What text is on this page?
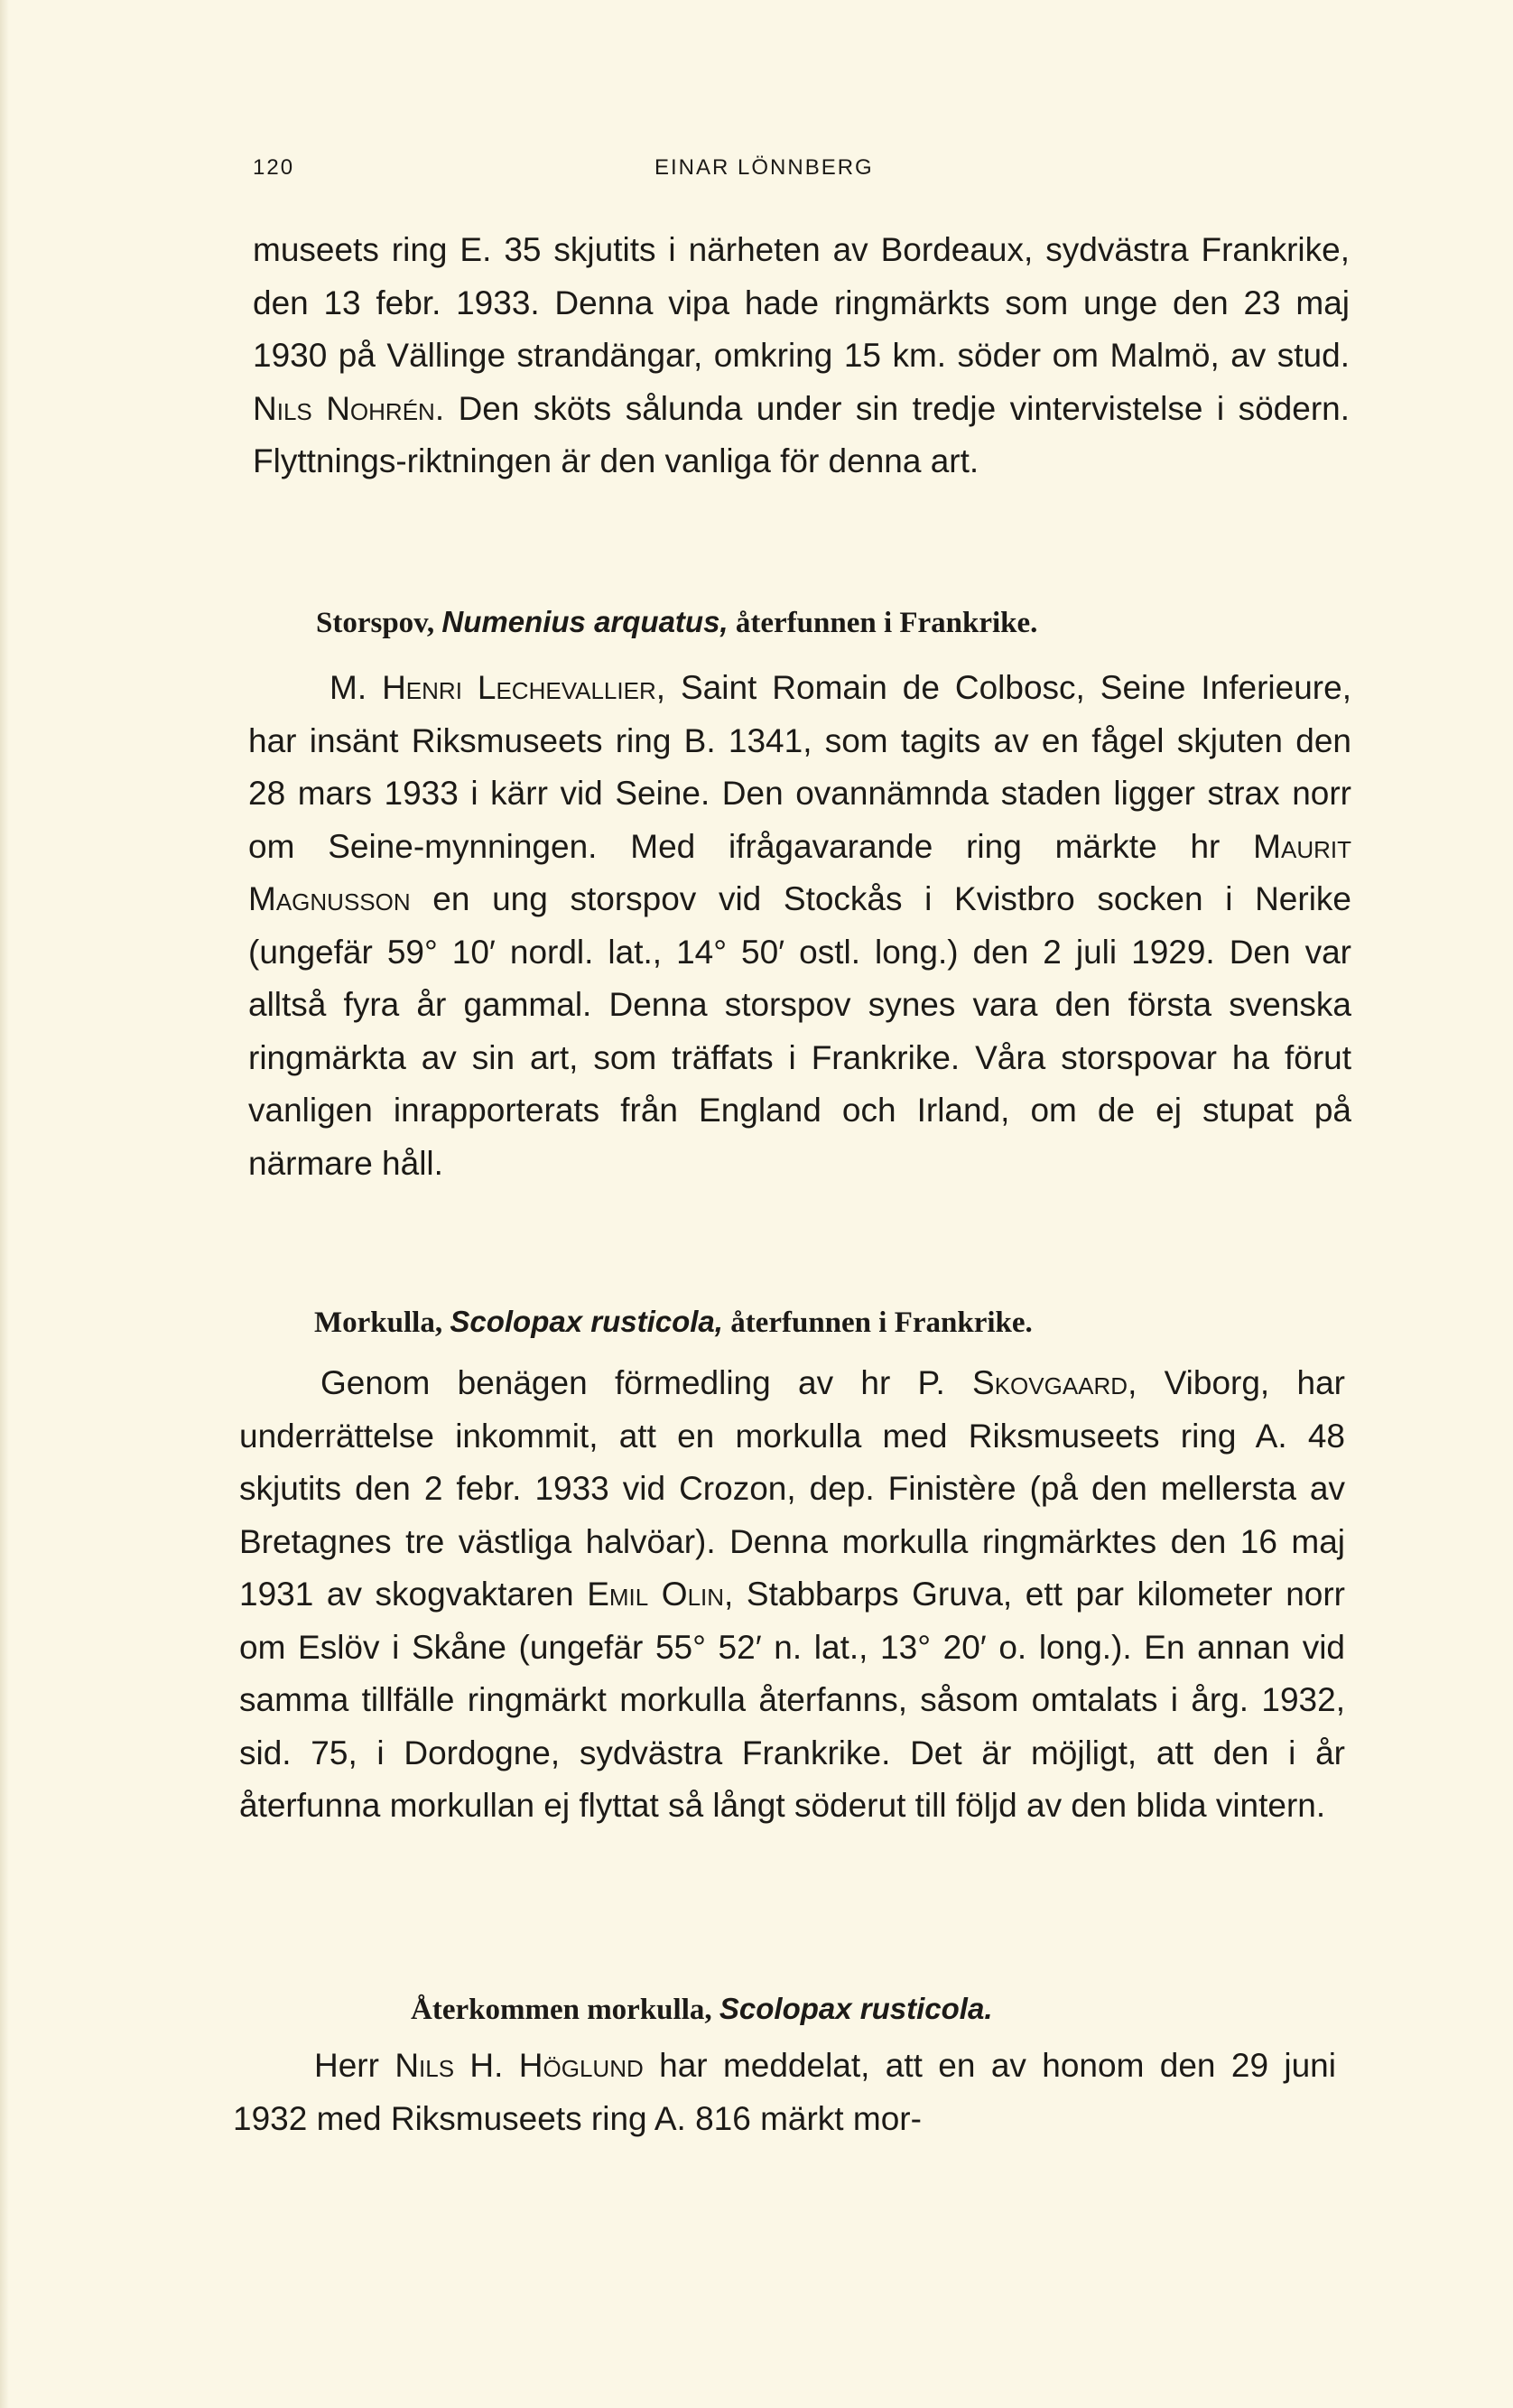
120	EINAR LÖNNBERG

museets ring E. 35 skjutits i närheten av Bordeaux, sydvästra Frankrike, den 13 febr. 1933. Denna vipa hade ringmärkts som unge den 23 maj 1930 på Vällinge strandängar, omkring 15 km. söder om Malmö, av stud. Nils Nohrén. Den sköts sålunda under sin tredje vintervistelse i södern. Flyttnings-riktningen är den vanliga för denna art.

Storspov, Numenius arquatus, återfunnen i Frankrike.

M. Henri Lechevallier, Saint Romain de Colbosc, Seine Inferieure, har insänt Riksmuseets ring B. 1341, som tagits av en fågel skjuten den 28 mars 1933 i kärr vid Seine. Den ovannämnda staden ligger strax norr om Seine-mynningen. Med ifrågavarande ring märkte hr Maurit Magnusson en ung storspov vid Stockås i Kvistbro socken i Nerike (ungefär 59° 10′ nordl. lat., 14° 50′ ostl. long.) den 2 juli 1929. Den var alltså fyra år gammal. Denna storspov synes vara den första svenska ringmärkta av sin art, som träffats i Frankrike. Våra storspovar ha förut vanligen inrapporterats från England och Irland, om de ej stupat på närmare håll.

Morkulla, Scolopax rusticola, återfunnen i Frankrike.

Genom benägen förmedling av hr P. Skovgaard, Viborg, har underrättelse inkommit, att en morkulla med Riksmuseets ring A. 48 skjutits den 2 febr. 1933 vid Crozon, dep. Finistère (på den mellersta av Bretagnes tre västliga halvöar). Denna morkulla ringmärktes den 16 maj 1931 av skogvaktaren Emil Olin, Stabbarps Gruva, ett par kilometer norr om Eslöv i Skåne (ungefär 55° 52′ n. lat., 13° 20′ o. long.). En annan vid samma tillfälle ringmärkt morkulla återfanns, såsom omtalats i årg. 1932, sid. 75, i Dordogne, sydvästra Frankrike. Det är möjligt, att den i år återfunna morkullan ej flyttat så långt söderut till följd av den blida vintern.

Återkommen morkulla, Scolopax rusticola.

Herr Nils H. Höglund har meddelat, att en av honom den 29 juni 1932 med Riksmuseets ring A. 816 märkt mor-
